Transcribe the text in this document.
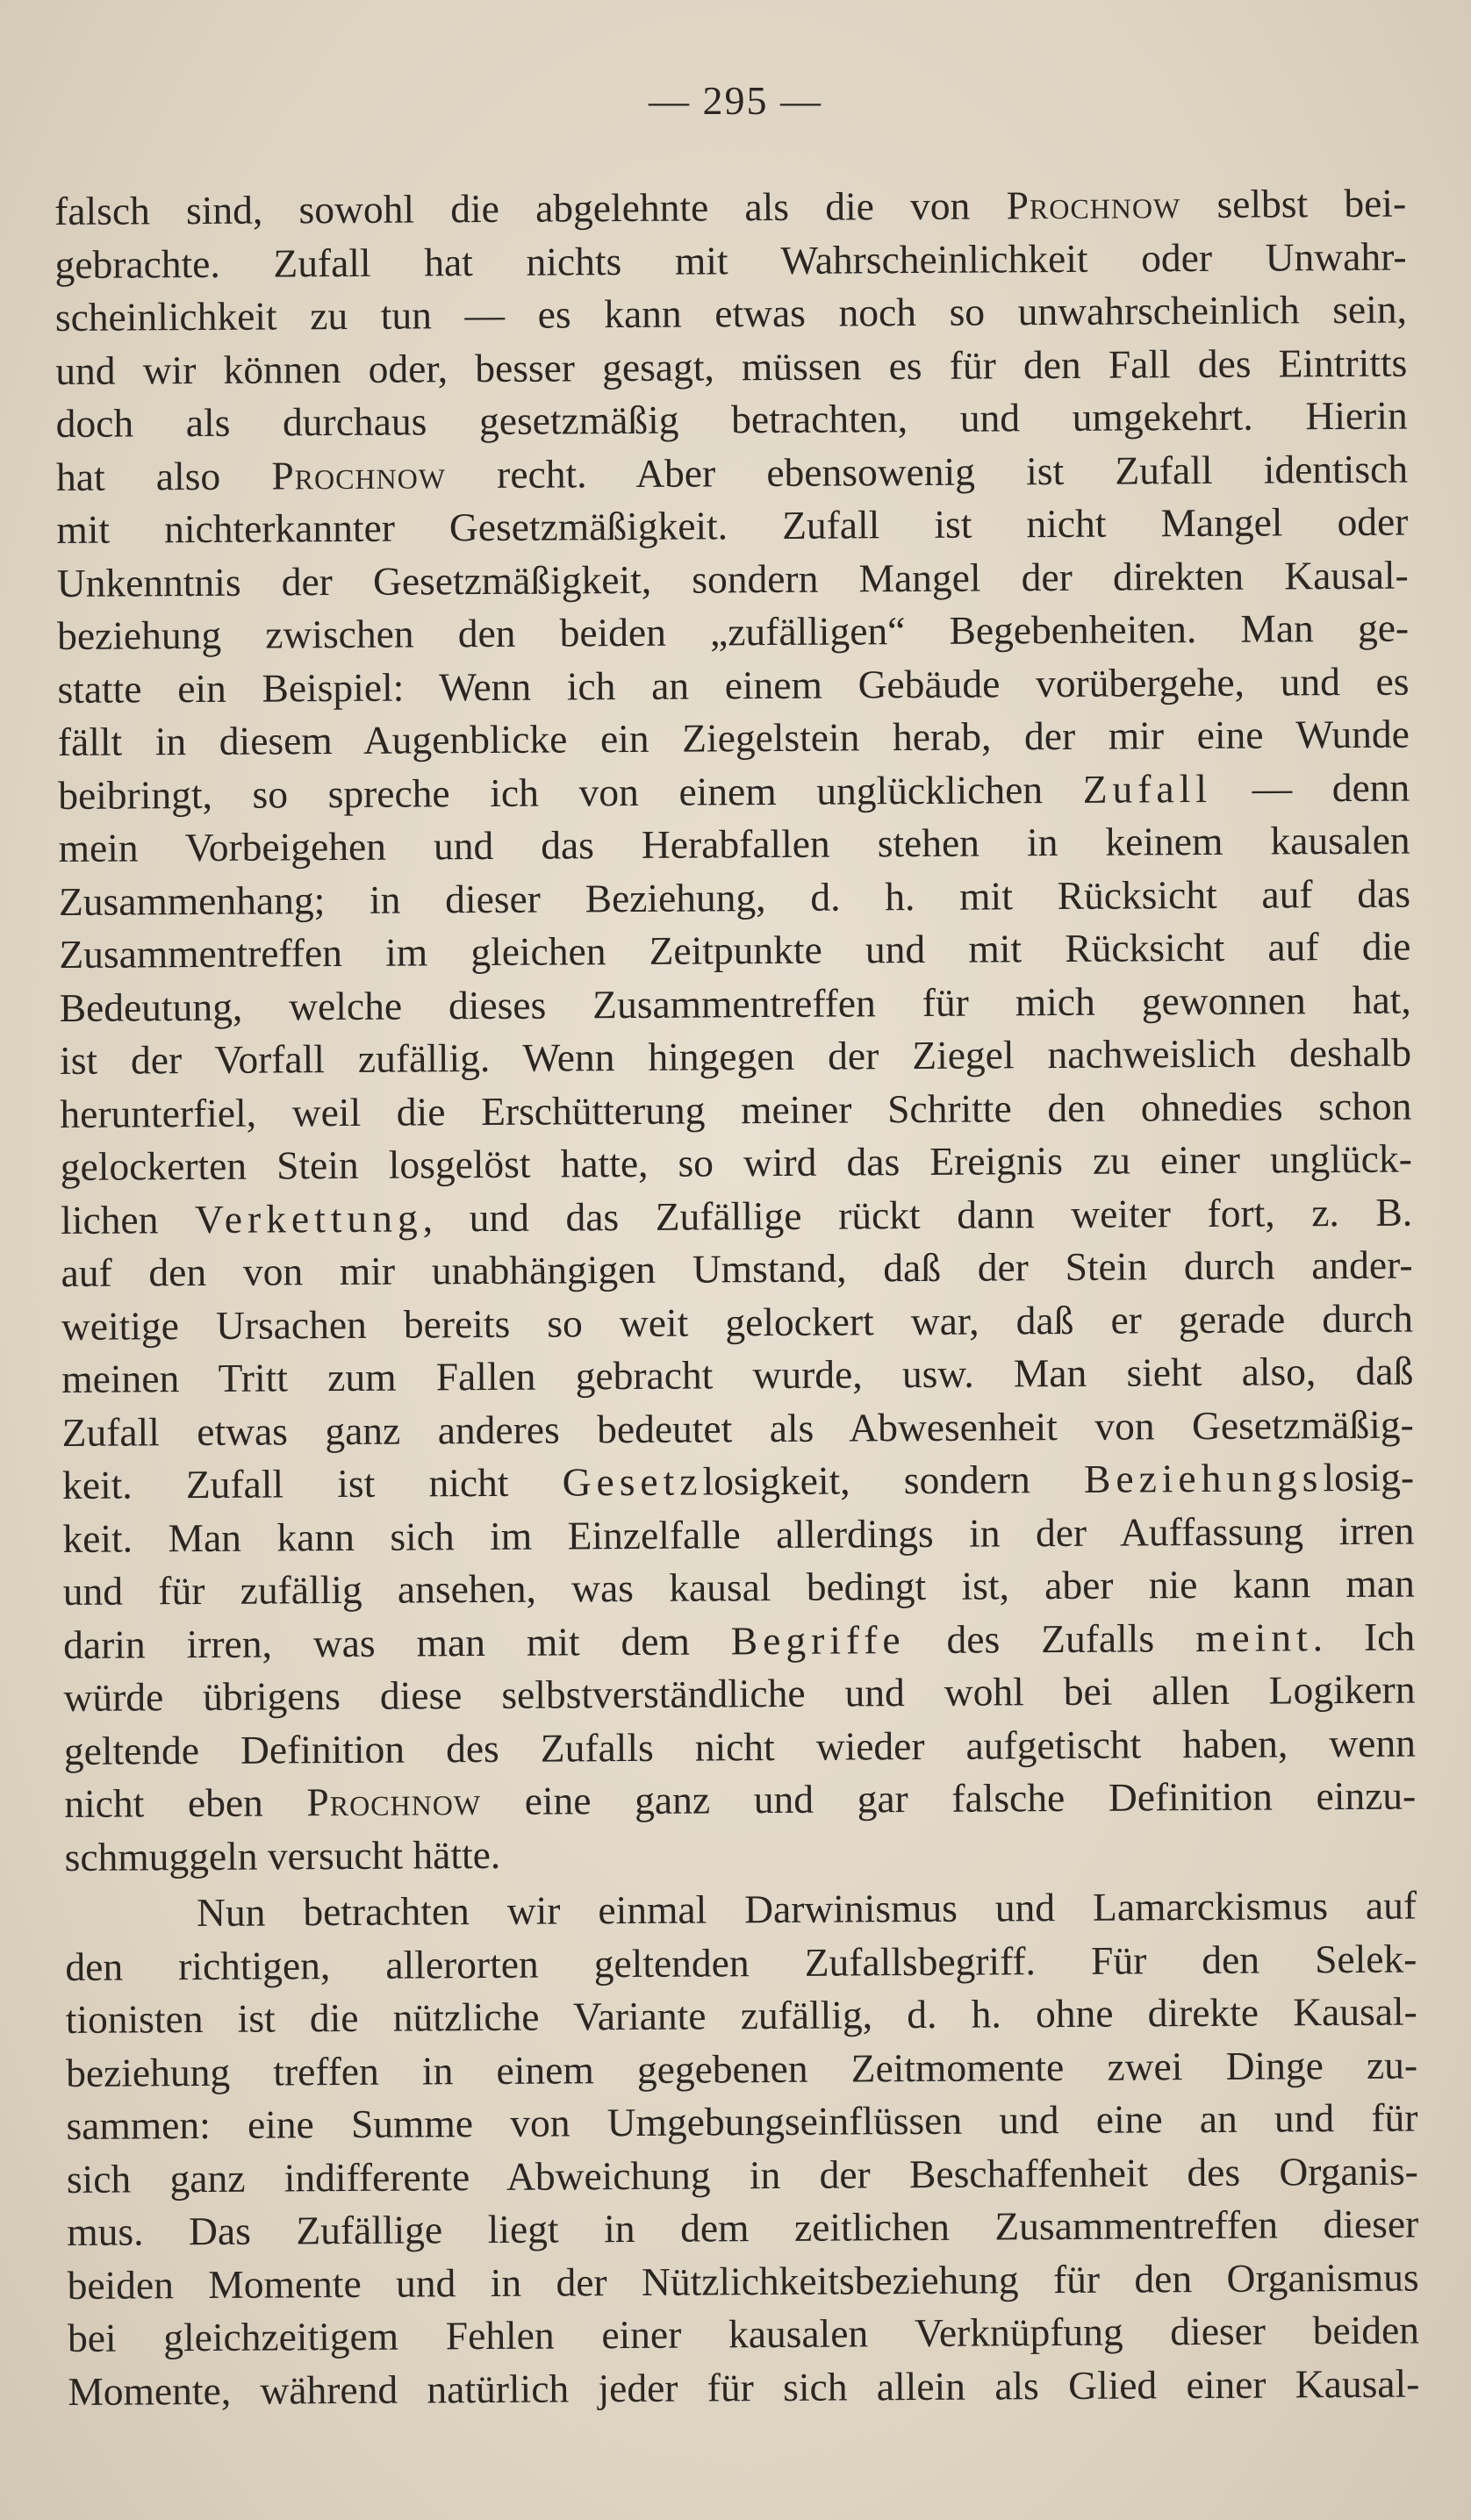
— 295 —
falsch sind, sowohl die abgelehnte als die von Prochnow selbst bei-
gebrachte. Zufall hat nichts mit Wahrscheinlichkeit oder Unwahr-
scheinlichkeit zu tun — es kann etwas noch so unwahrscheinlich sein,
und wir können oder, besser gesagt, müssen es für den Fall des Eintritts
doch als durchaus gesetzmäßig betrachten, und umgekehrt. Hierin
hat also Prochnow recht. Aber ebensowenig ist Zufall identisch
mit nichterkannter Gesetzmäßigkeit. Zufall ist nicht Mangel oder
Unkenntnis der Gesetzmäßigkeit, sondern Mangel der direkten Kausal-
beziehung zwischen den beiden „zufälligen“ Begebenheiten. Man ge-
statte ein Beispiel: Wenn ich an einem Gebäude vorübergehe, und es
fällt in diesem Augenblicke ein Ziegelstein herab, der mir eine Wunde
beibringt, so spreche ich von einem unglücklichen Zufall — denn
mein Vorbeigehen und das Herabfallen stehen in keinem kausalen
Zusammenhang; in dieser Beziehung, d. h. mit Rücksicht auf das
Zusammentreffen im gleichen Zeitpunkte und mit Rücksicht auf die
Bedeutung, welche dieses Zusammentreffen für mich gewonnen hat,
ist der Vorfall zufällig. Wenn hingegen der Ziegel nachweislich deshalb
herunterfiel, weil die Erschütterung meiner Schritte den ohnedies schon
gelockerten Stein losgelöst hatte, so wird das Ereignis zu einer unglück-
lichen Verkettung, und das Zufällige rückt dann weiter fort, z. B.
auf den von mir unabhängigen Umstand, daß der Stein durch ander-
weitige Ursachen bereits so weit gelockert war, daß er gerade durch
meinen Tritt zum Fallen gebracht wurde, usw. Man sieht also, daß
Zufall etwas ganz anderes bedeutet als Abwesenheit von Gesetzmäßig-
keit. Zufall ist nicht Gesetzlosigkeit, sondern Beziehungslosig-
keit. Man kann sich im Einzelfalle allerdings in der Auffassung irren
und für zufällig ansehen, was kausal bedingt ist, aber nie kann man
darin irren, was man mit dem Begriffe des Zufalls meint. Ich
würde übrigens diese selbstverständliche und wohl bei allen Logikern
geltende Definition des Zufalls nicht wieder aufgetischt haben, wenn
nicht eben Prochnow eine ganz und gar falsche Definition einzu-
schmuggeln versucht hätte.
Nun betrachten wir einmal Darwinismus und Lamarckismus auf
den richtigen, allerorten geltenden Zufallsbegriff. Für den Selek-
tionisten ist die nützliche Variante zufällig, d. h. ohne direkte Kausal-
beziehung treffen in einem gegebenen Zeitmomente zwei Dinge zu-
sammen: eine Summe von Umgebungseinflüssen und eine an und für
sich ganz indifferente Abweichung in der Beschaffenheit des Organis-
mus. Das Zufällige liegt in dem zeitlichen Zusammentreffen dieser
beiden Momente und in der Nützlichkeitsbeziehung für den Organismus
bei gleichzeitigem Fehlen einer kausalen Verknüpfung dieser beiden
Momente, während natürlich jeder für sich allein als Glied einer Kausal-
